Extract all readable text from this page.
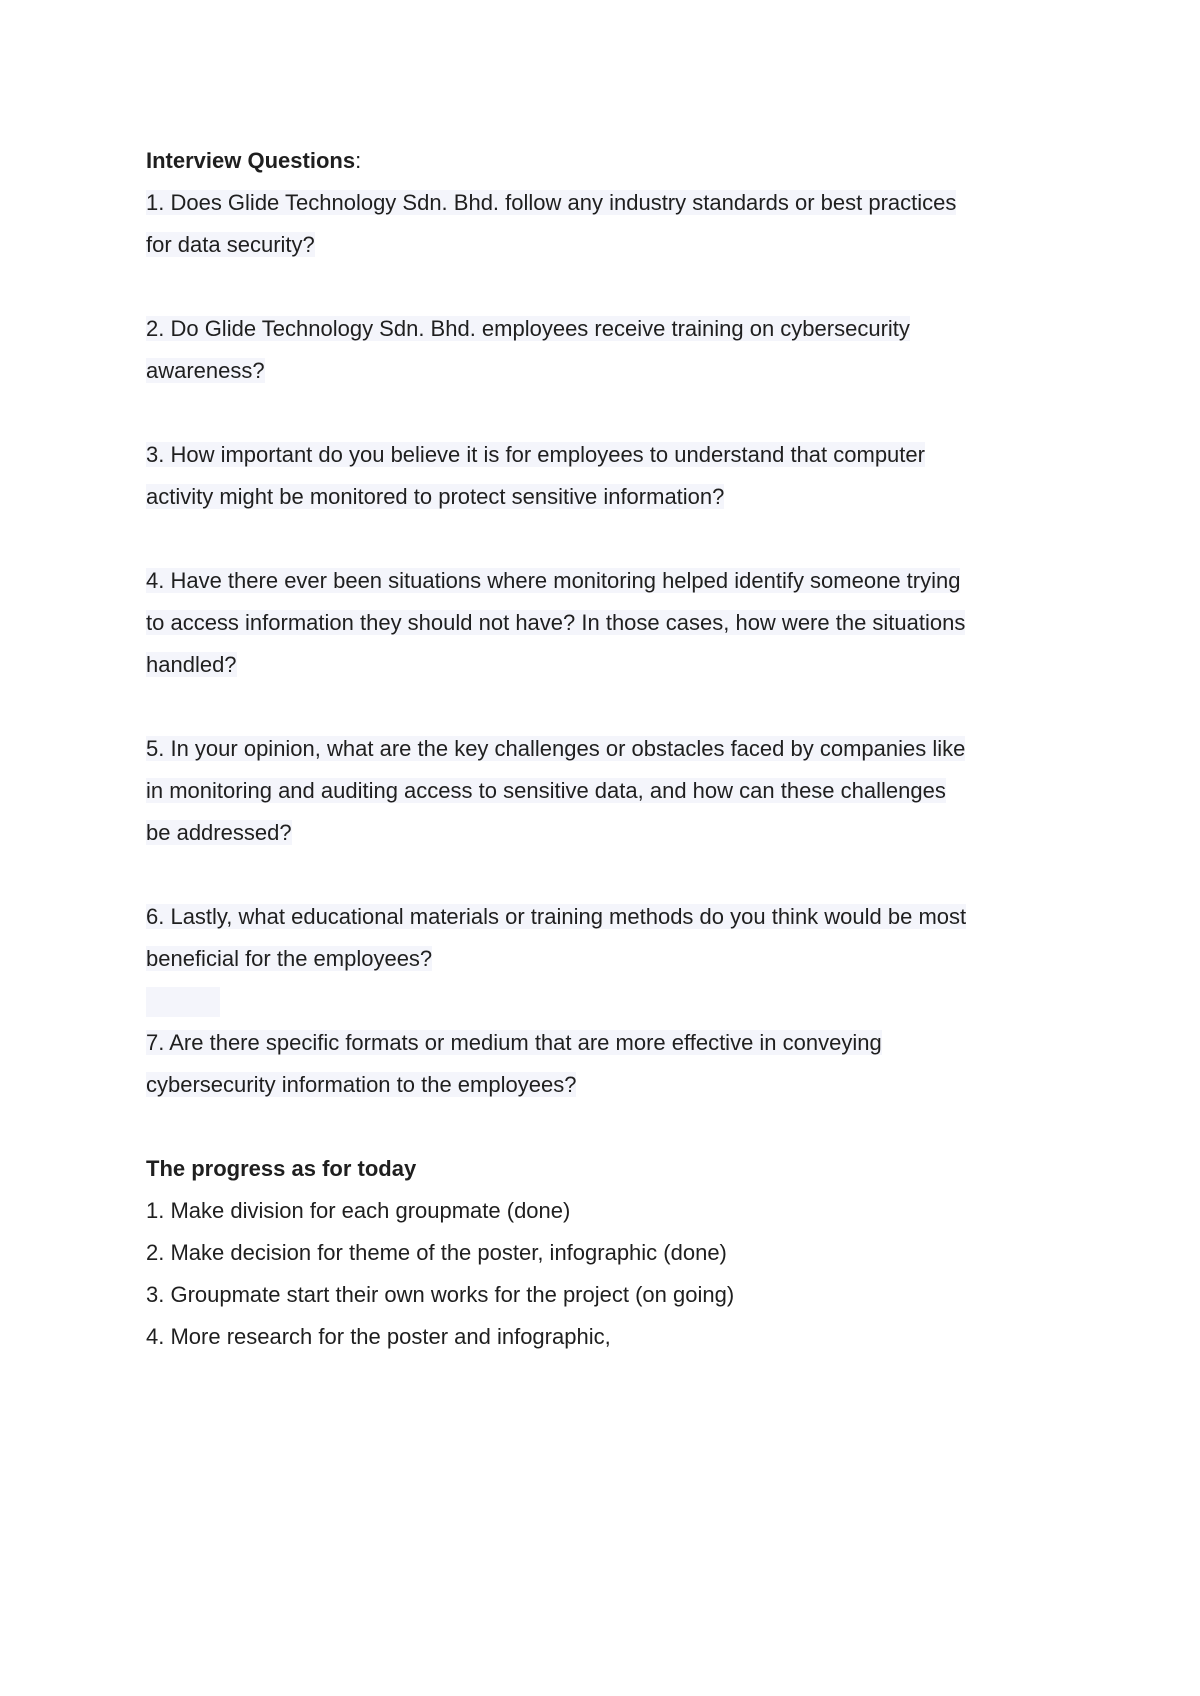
Interview Questions:

1. Does Glide Technology Sdn. Bhd. follow any industry standards or best practices

for data security?

2. Do Glide Technology Sdn. Bhd. employees receive training on cybersecurity

awareness?

3. How important do you believe it is for employees to understand that computer

activity might be monitored to protect sensitive information?

4. Have there ever been situations where monitoring helped identify someone trying

to access information they should not have? In those cases, how were the situations

handled?

5. In your opinion, what are the key challenges or obstacles faced by companies like

in monitoring and auditing access to sensitive data, and how can these challenges

be addressed?

6. Lastly, what educational materials or training methods do you think would be most

beneficial for the employees?

7. Are there specific formats or medium that are more effective in conveying

cybersecurity information to the employees?

The progress as for today

1. Make division for each groupmate (done)

2. Make decision for theme of the poster, infographic (done)

3. Groupmate start their own works for the project (on going)

4. More research for the poster and infographic,
